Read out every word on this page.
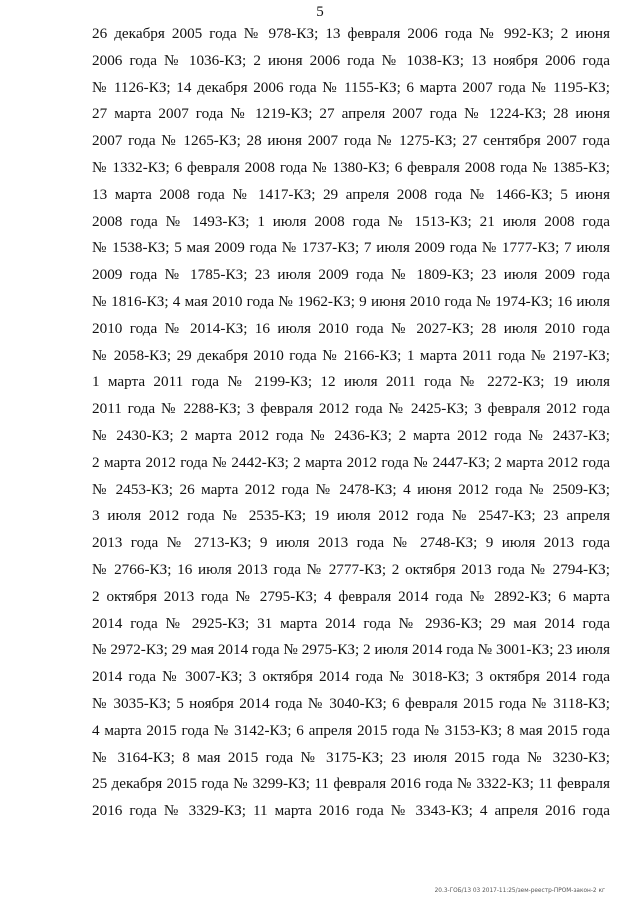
5
26 декабря 2005 года № 978-КЗ; 13 февраля 2006 года № 992-КЗ; 2 июня
2006 года № 1036-КЗ; 2 июня 2006 года № 1038-КЗ; 13 ноября 2006 года
№ 1126-КЗ; 14 декабря 2006 года № 1155-КЗ; 6 марта 2007 года № 1195-КЗ;
27 марта 2007 года № 1219-КЗ; 27 апреля 2007 года № 1224-КЗ; 28 июня
2007 года № 1265-КЗ; 28 июня 2007 года № 1275-КЗ; 27 сентября 2007 года
№ 1332-КЗ; 6 февраля 2008 года № 1380-КЗ; 6 февраля 2008 года № 1385-КЗ;
13 марта 2008 года № 1417-КЗ; 29 апреля 2008 года № 1466-КЗ; 5 июня
2008 года № 1493-КЗ; 1 июля 2008 года № 1513-КЗ; 21 июля 2008 года
№ 1538-КЗ; 5 мая 2009 года № 1737-КЗ; 7 июля 2009 года № 1777-КЗ; 7 июля
2009 года № 1785-КЗ; 23 июля 2009 года № 1809-КЗ; 23 июля 2009 года
№ 1816-КЗ; 4 мая 2010 года № 1962-КЗ; 9 июня 2010 года № 1974-КЗ; 16 июля
2010 года № 2014-КЗ; 16 июля 2010 года № 2027-КЗ; 28 июля 2010 года
№ 2058-КЗ; 29 декабря 2010 года № 2166-КЗ; 1 марта 2011 года № 2197-КЗ;
1 марта 2011 года № 2199-КЗ; 12 июля 2011 года № 2272-КЗ; 19 июля
2011 года № 2288-КЗ; 3 февраля 2012 года № 2425-КЗ; 3 февраля 2012 года
№ 2430-КЗ; 2 марта 2012 года № 2436-КЗ; 2 марта 2012 года № 2437-КЗ;
2 марта 2012 года № 2442-КЗ; 2 марта 2012 года № 2447-КЗ; 2 марта 2012 года
№ 2453-КЗ; 26 марта 2012 года № 2478-КЗ; 4 июня 2012 года № 2509-КЗ;
3 июля 2012 года № 2535-КЗ; 19 июля 2012 года № 2547-КЗ; 23 апреля
2013 года № 2713-КЗ; 9 июля 2013 года № 2748-КЗ; 9 июля 2013 года
№ 2766-КЗ; 16 июля 2013 года № 2777-КЗ; 2 октября 2013 года № 2794-КЗ;
2 октября 2013 года № 2795-КЗ; 4 февраля 2014 года № 2892-КЗ; 6 марта
2014 года № 2925-КЗ; 31 марта 2014 года № 2936-КЗ; 29 мая 2014 года
№ 2972-КЗ; 29 мая 2014 года № 2975-КЗ; 2 июля 2014 года № 3001-КЗ; 23 июля
2014 года № 3007-КЗ; 3 октября 2014 года № 3018-КЗ; 3 октября 2014 года
№ 3035-КЗ; 5 ноября 2014 года № 3040-КЗ; 6 февраля 2015 года № 3118-КЗ;
4 марта 2015 года № 3142-КЗ; 6 апреля 2015 года № 3153-КЗ; 8 мая 2015 года
№ 3164-КЗ; 8 мая 2015 года № 3175-КЗ; 23 июля 2015 года № 3230-КЗ;
25 декабря 2015 года № 3299-КЗ; 11 февраля 2016 года № 3322-КЗ; 11 февраля
2016 года № 3329-КЗ; 11 марта 2016 года № 3343-КЗ; 4 апреля 2016 года
20.3-ГОБ/13 03 2017-11:25/зем-реестр-ПРОМ-закон-2 кг
